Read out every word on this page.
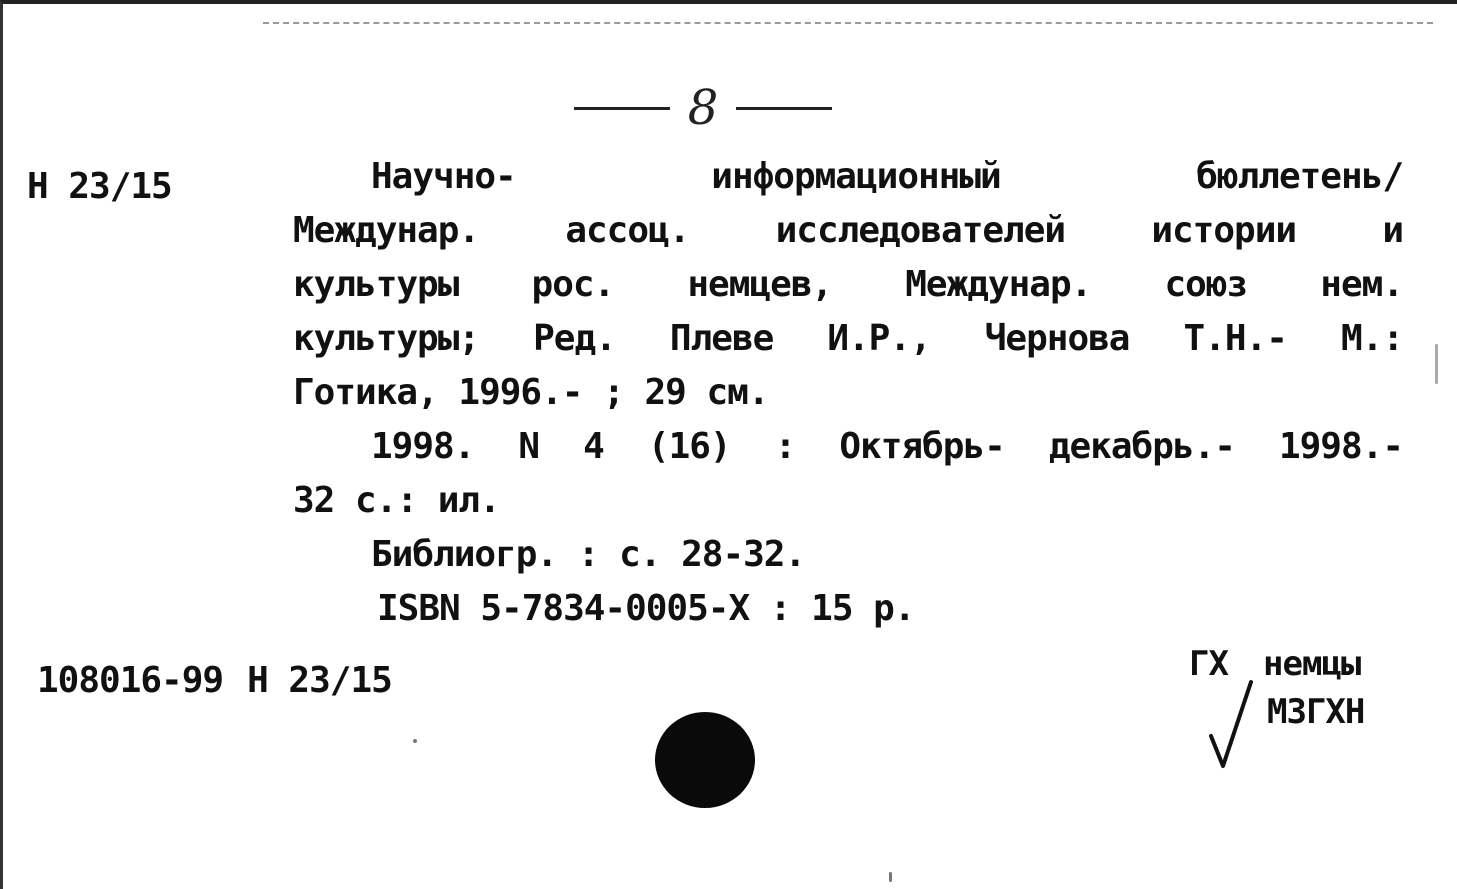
8
Н 23/15	Научно- информационный бюллетень/
Междунар. ассоц. исследователей истории и
культуры рос. немцев, Междунар. союз нем.
культуры; Ред. Плеве И.Р., Чернова Т.Н.- М.:
Готика, 1996.- ; 29 см.
1998. N 4 (16) : Октябрь- декабрь.- 1998.-
32 с.: ил.
Библиогр. : с. 28-32.
ISBN 5-7834-0005-Х : 15 р.
108016-99 Н 23/15	ГХ немцы
МЗГХН
